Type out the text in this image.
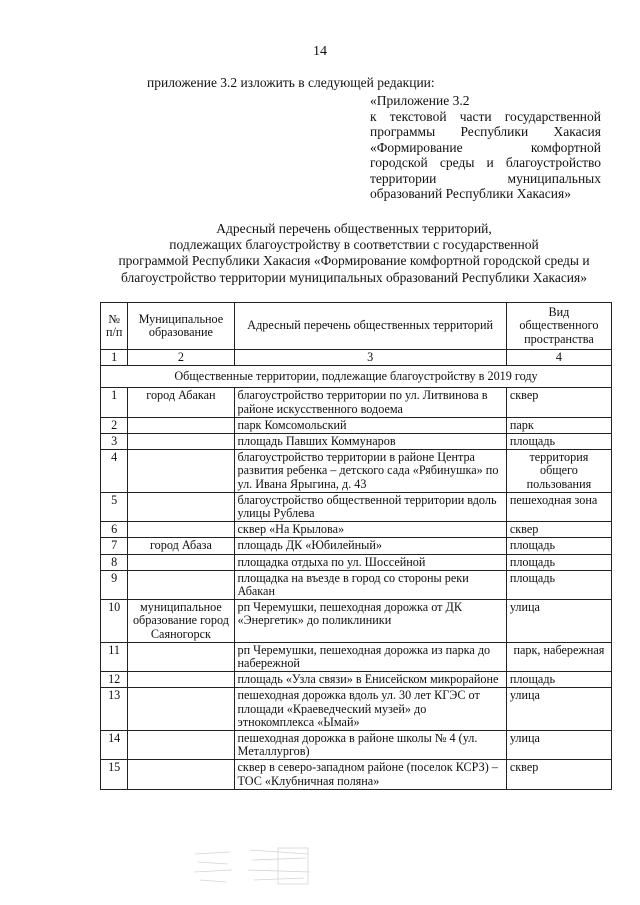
14
приложение 3.2 изложить в следующей редакции:
«Приложение 3.2
к текстовой части государственной
программы Республики Хакасия
«Формирование	комфортной
городской среды и благоустройство
территории	муниципальных
образований Республики Хакасия»
Адресный перечень общественных территорий,
подлежащих благоустройству в соответствии с государственной
программой Республики Хакасия «Формирование комфортной городской среды и
благоустройство территории муниципальных образований Республики Хакасия»
№ п/п	Муниципальное образование	Адресный перечень общественных территорий	Вид общественного пространства
1	2	3	4
Общественные территории, подлежащие благоустройству в 2019 году			
1	город Абакан	благоустройство территории по ул. Литвинова в районе искусственного водоема	сквер
2		парк Комсомольский	парк
3		площадь Павших Коммунаров	площадь
4		благоустройство территории в районе Центра развития ребенка – детского сада «Рябинушка» по ул. Ивана Ярыгина, д. 43	территория общего пользования
5		благоустройство общественной территории вдоль улицы Рублева	пешеходная зона
6		сквер «На Крылова»	сквер
7	город Абаза	площадь ДК «Юбилейный»	площадь
8		площадка отдыха по ул. Шоссейной	площадь
9		площадка на въезде в город со стороны реки Абакан	площадь
10	муниципальное образование город Саяногорск	рп Черемушки, пешеходная дорожка от ДК «Энергетик» до поликлиники	улица
11		рп Черемушки, пешеходная дорожка из парка до набережной	парк, набережная
12		площадь «Узла связи» в Енисейском микрорайоне	площадь
13		пешеходная дорожка вдоль ул. 30 лет КГЭС от площади «Краеведческий музей» до этнокомплекса «Ымай»	улица
14		пешеходная дорожка в районе школы № 4 (ул. Металлургов)	улица
15		сквер в северо-западном районе (поселок КСРЗ) – ТОС «Клубничная поляна»	сквер
